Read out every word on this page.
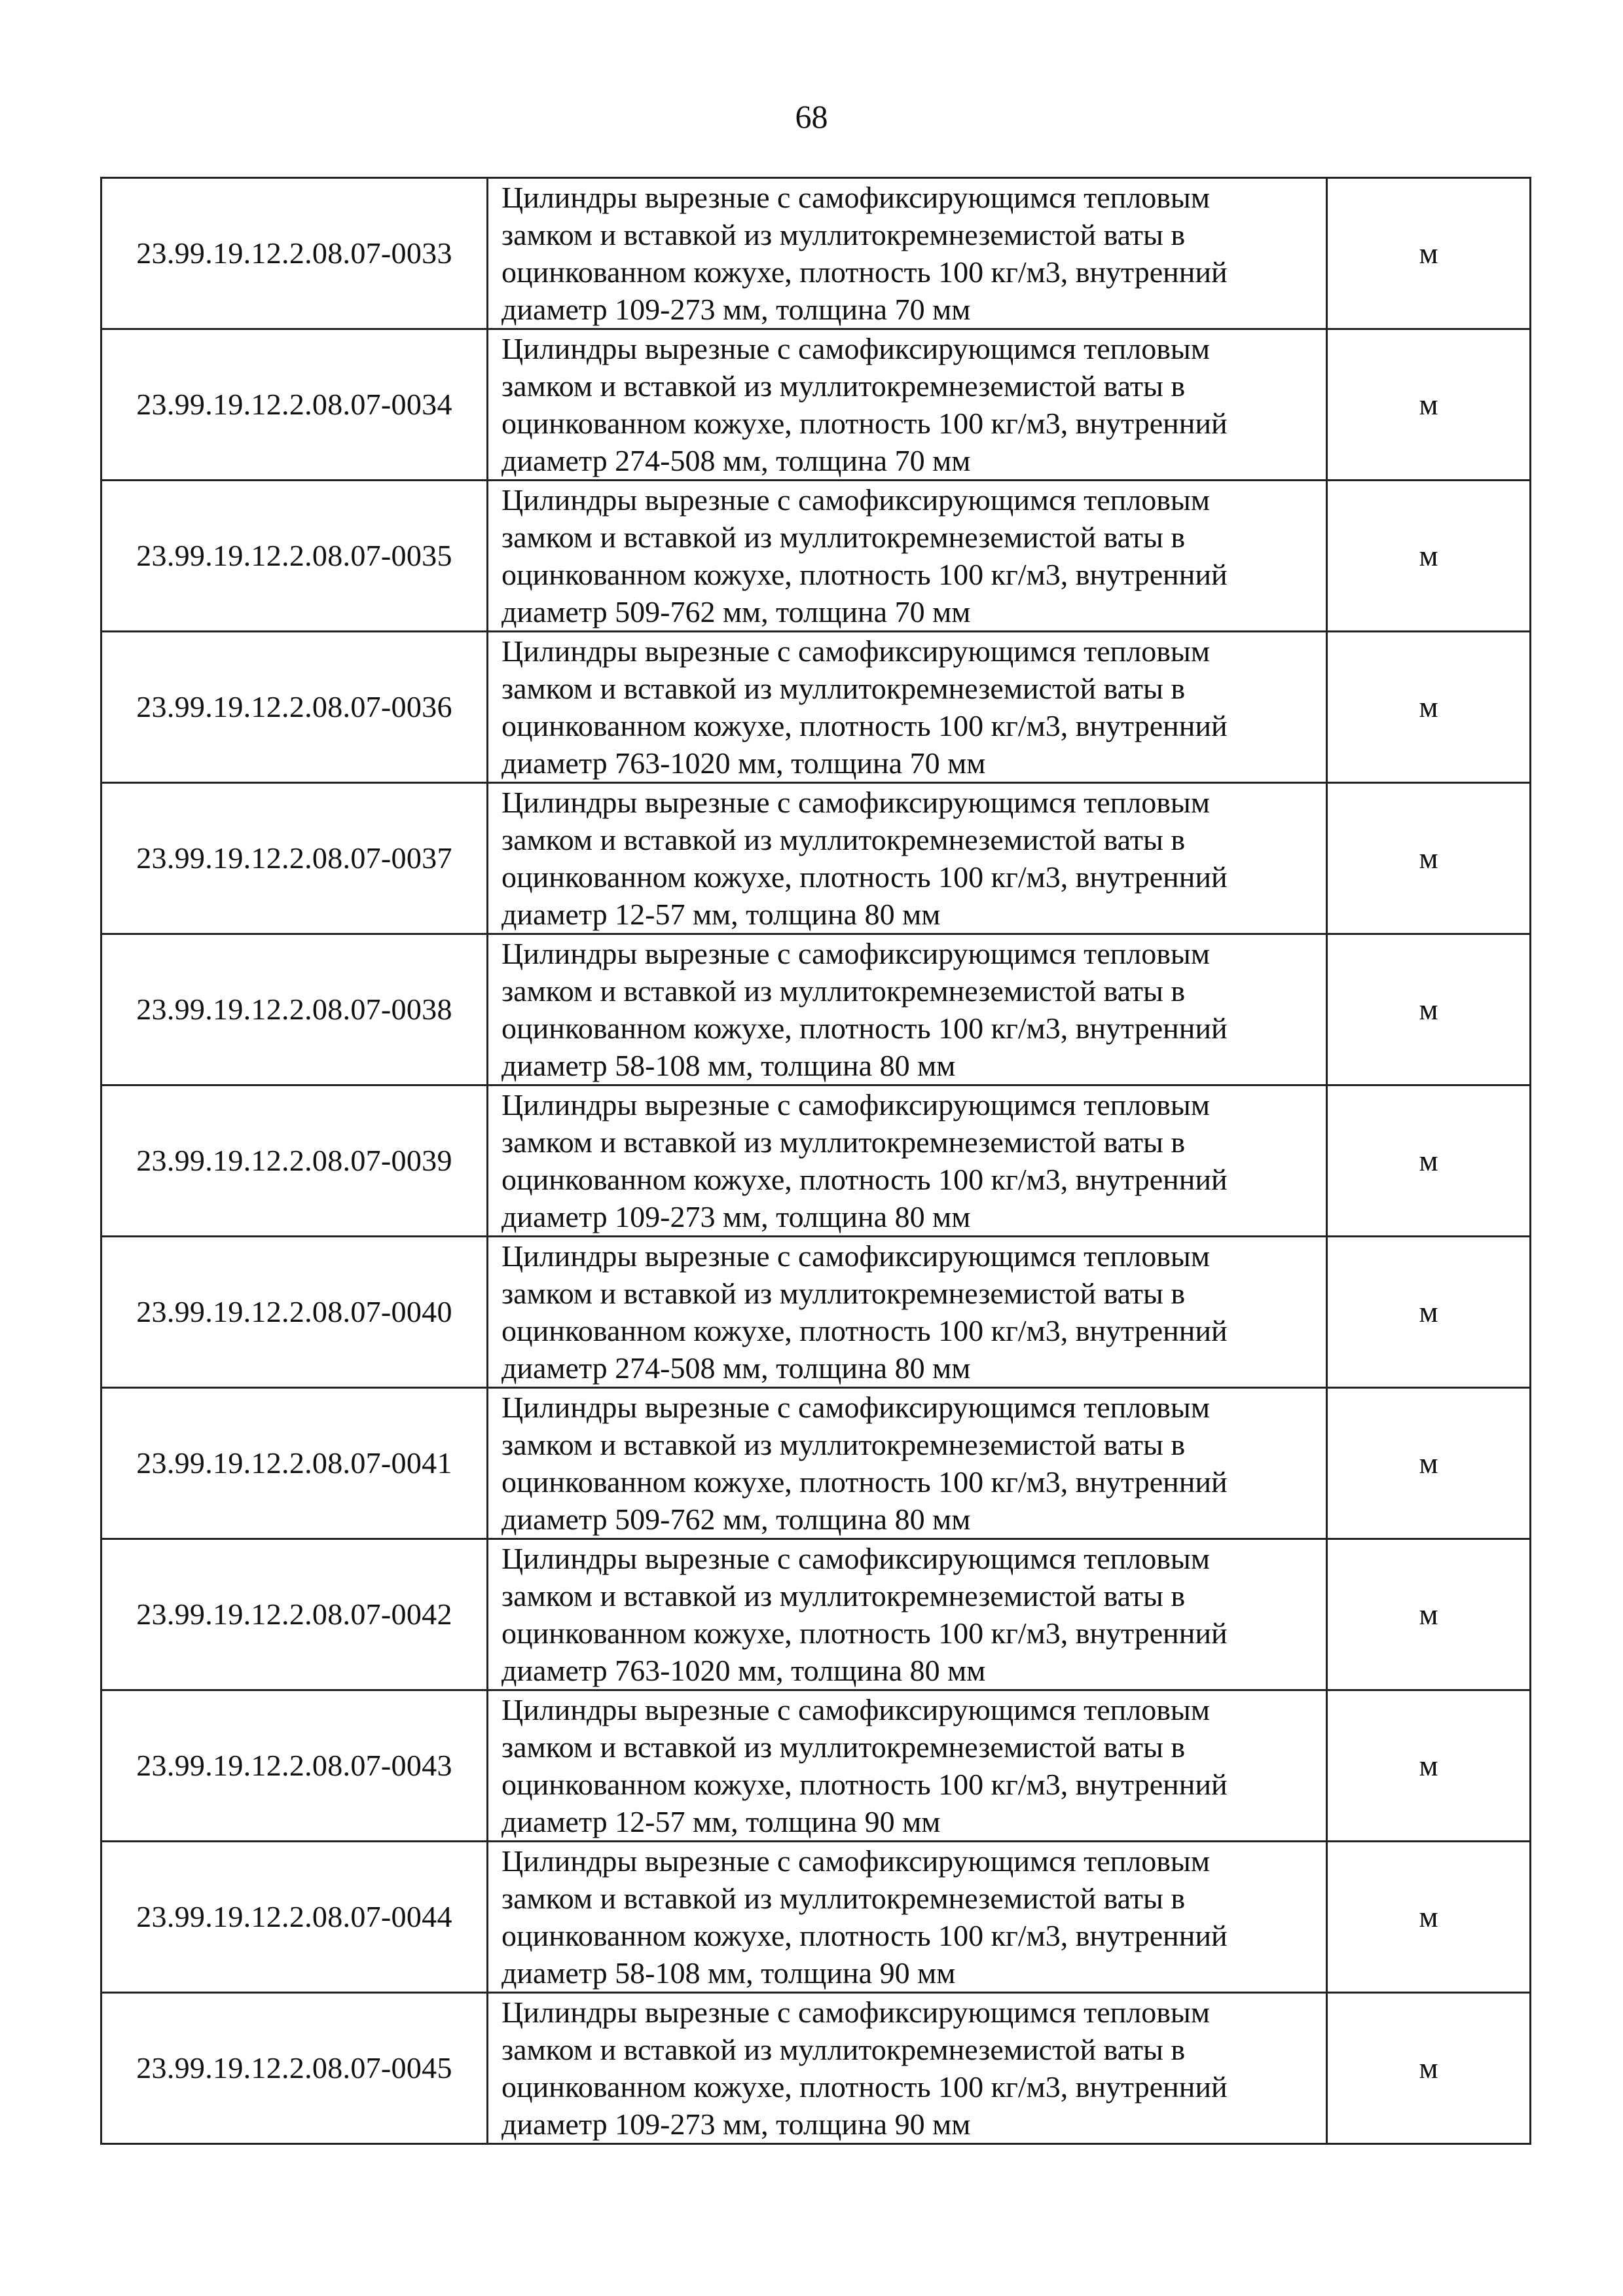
68
23.99.19.12.2.08.07-0033	Цилиндры вырезные с самофиксирующимся тепловым
замком и вставкой из муллитокремнеземистой ваты в
оцинкованном кожухе, плотность 100 кг/м3, внутренний
диаметр 109-273 мм, толщина 70 мм	м
23.99.19.12.2.08.07-0034	Цилиндры вырезные с самофиксирующимся тепловым
замком и вставкой из муллитокремнеземистой ваты в
оцинкованном кожухе, плотность 100 кг/м3, внутренний
диаметр 274-508 мм, толщина 70 мм	м
23.99.19.12.2.08.07-0035	Цилиндры вырезные с самофиксирующимся тепловым
замком и вставкой из муллитокремнеземистой ваты в
оцинкованном кожухе, плотность 100 кг/м3, внутренний
диаметр 509-762 мм, толщина 70 мм	м
23.99.19.12.2.08.07-0036	Цилиндры вырезные с самофиксирующимся тепловым
замком и вставкой из муллитокремнеземистой ваты в
оцинкованном кожухе, плотность 100 кг/м3, внутренний
диаметр 763-1020 мм, толщина 70 мм	м
23.99.19.12.2.08.07-0037	Цилиндры вырезные с самофиксирующимся тепловым
замком и вставкой из муллитокремнеземистой ваты в
оцинкованном кожухе, плотность 100 кг/м3, внутренний
диаметр 12-57 мм, толщина 80 мм	м
23.99.19.12.2.08.07-0038	Цилиндры вырезные с самофиксирующимся тепловым
замком и вставкой из муллитокремнеземистой ваты в
оцинкованном кожухе, плотность 100 кг/м3, внутренний
диаметр 58-108 мм, толщина 80 мм	м
23.99.19.12.2.08.07-0039	Цилиндры вырезные с самофиксирующимся тепловым
замком и вставкой из муллитокремнеземистой ваты в
оцинкованном кожухе, плотность 100 кг/м3, внутренний
диаметр 109-273 мм, толщина 80 мм	м
23.99.19.12.2.08.07-0040	Цилиндры вырезные с самофиксирующимся тепловым
замком и вставкой из муллитокремнеземистой ваты в
оцинкованном кожухе, плотность 100 кг/м3, внутренний
диаметр 274-508 мм, толщина 80 мм	м
23.99.19.12.2.08.07-0041	Цилиндры вырезные с самофиксирующимся тепловым
замком и вставкой из муллитокремнеземистой ваты в
оцинкованном кожухе, плотность 100 кг/м3, внутренний
диаметр 509-762 мм, толщина 80 мм	м
23.99.19.12.2.08.07-0042	Цилиндры вырезные с самофиксирующимся тепловым
замком и вставкой из муллитокремнеземистой ваты в
оцинкованном кожухе, плотность 100 кг/м3, внутренний
диаметр 763-1020 мм, толщина 80 мм	м
23.99.19.12.2.08.07-0043	Цилиндры вырезные с самофиксирующимся тепловым
замком и вставкой из муллитокремнеземистой ваты в
оцинкованном кожухе, плотность 100 кг/м3, внутренний
диаметр 12-57 мм, толщина 90 мм	м
23.99.19.12.2.08.07-0044	Цилиндры вырезные с самофиксирующимся тепловым
замком и вставкой из муллитокремнеземистой ваты в
оцинкованном кожухе, плотность 100 кг/м3, внутренний
диаметр 58-108 мм, толщина 90 мм	м
23.99.19.12.2.08.07-0045	Цилиндры вырезные с самофиксирующимся тепловым
замком и вставкой из муллитокремнеземистой ваты в
оцинкованном кожухе, плотность 100 кг/м3, внутренний
диаметр 109-273 мм, толщина 90 мм	м
